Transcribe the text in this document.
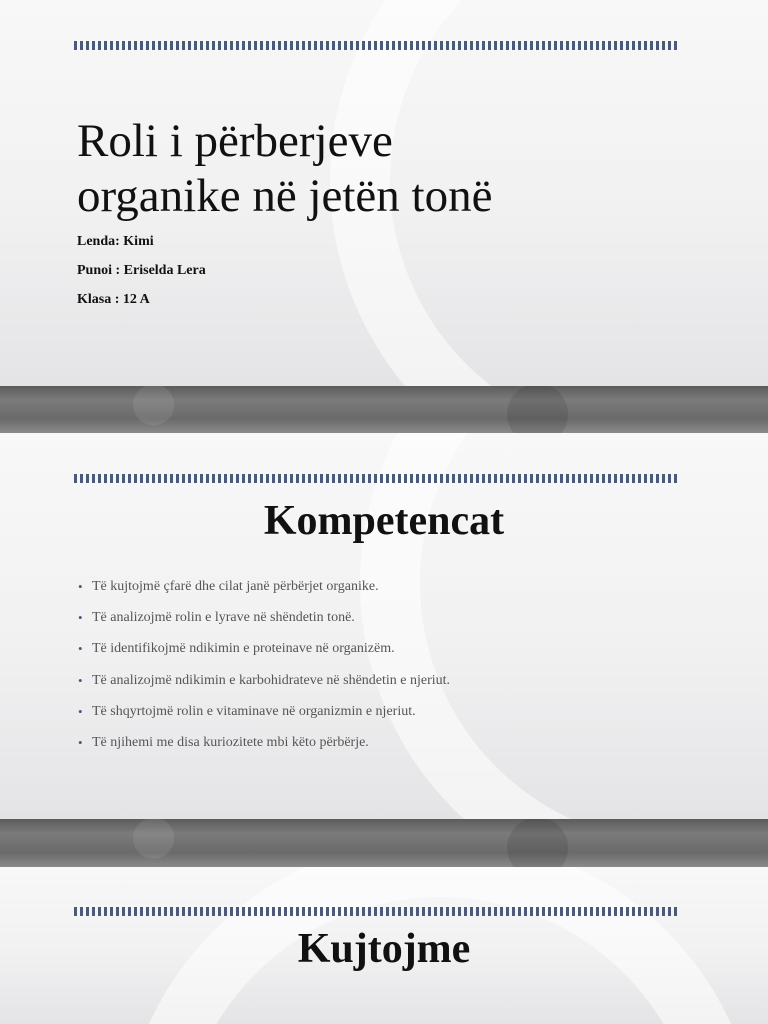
Roli i përberjeve
organike në jetën tonë
Lenda: Kimi
Punoi : Eriselda Lera
Klasa : 12 A
Kompetencat
• Të kujtojmë çfarë dhe cilat janë përbërjet organike.
• Të analizojmë rolin e lyrave në shëndetin tonë.
• Të identifikojmë ndikimin e proteinave në organizëm.
• Të analizojmë ndikimin e karbohidrateve në shëndetin e njeriut.
• Të shqyrtojmë rolin e vitaminave në organizmin e njeriut.
• Të njihemi me disa kuriozitete mbi këto përbërje.
Kujtojme
